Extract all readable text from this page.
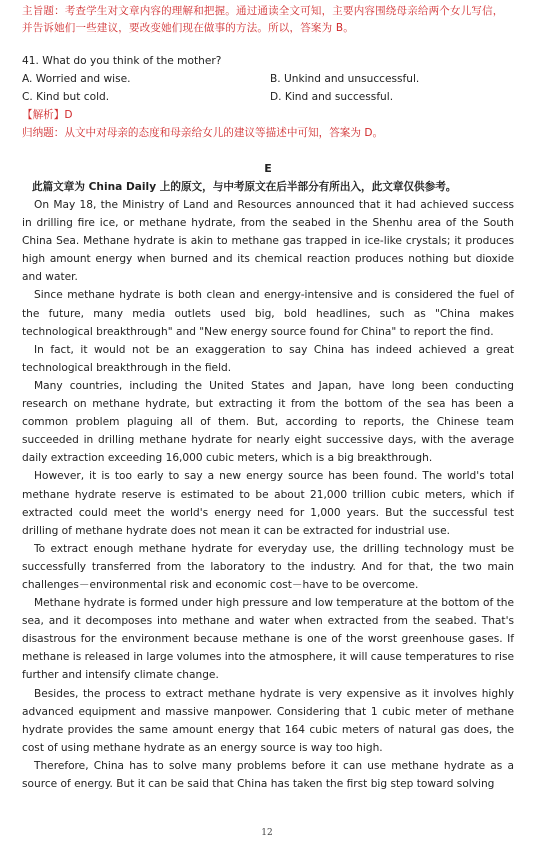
主旨题：考查学生对文章内容的理解和把握。通过通读全文可知，主要内容围绕母亲给两个女儿写信，并告诉她们一些建议，要改变她们现在做事的方法。所以，答案为 B。
41. What do you think of the mother?
A. Worried and wise.	B. Unkind and unsuccessful.
C. Kind but cold.	D. Kind and successful.
【解析】D
归纳题：从文中对母亲的态度和母亲给女儿的建议等描述中可知，答案为 D。
E
此篇文章为 China Daily 上的原文，与中考原文在后半部分有所出入，此文章仅供参考。

On May 18, the Ministry of Land and Resources announced that it had achieved success in drilling fire ice, or methane hydrate, from the seabed in the Shenhu area of the South China Sea. Methane hydrate is akin to methane gas trapped in ice-like crystals; it produces high amount energy when burned and its chemical reaction produces nothing but dioxide and water.

Since methane hydrate is both clean and energy-intensive and is considered the fuel of the future, many media outlets used big, bold headlines, such as "China makes technological breakthrough" and "New energy source found for China" to report the find.

In fact, it would not be an exaggeration to say China has indeed achieved a great technological breakthrough in the field.

Many countries, including the United States and Japan, have long been conducting research on methane hydrate, but extracting it from the bottom of the sea has been a common problem plaguing all of them. But, according to reports, the Chinese team succeeded in drilling methane hydrate for nearly eight successive days, with the average daily extraction exceeding 16,000 cubic meters, which is a big breakthrough.

However, it is too early to say a new energy source has been found. The world's total methane hydrate reserve is estimated to be about 21,000 trillion cubic meters, which if extracted could meet the world's energy need for 1,000 years. But the successful test drilling of methane hydrate does not mean it can be extracted for industrial use.

To extract enough methane hydrate for everyday use, the drilling technology must be successfully transferred from the laboratory to the industry. And for that, the two main challenges－environmental risk and economic cost－have to be overcome.

Methane hydrate is formed under high pressure and low temperature at the bottom of the sea, and it decomposes into methane and water when extracted from the seabed. That's disastrous for the environment because methane is one of the worst greenhouse gases. If methane is released in large volumes into the atmosphere, it will cause temperatures to rise further and intensify climate change.

Besides, the process to extract methane hydrate is very expensive as it involves highly advanced equipment and massive manpower. Considering that 1 cubic meter of methane hydrate provides the same amount energy that 164 cubic meters of natural gas does, the cost of using methane hydrate as an energy source is way too high.

Therefore, China has to solve many problems before it can use methane hydrate as a source of energy. But it can be said that China has taken the first big step toward solving

12
